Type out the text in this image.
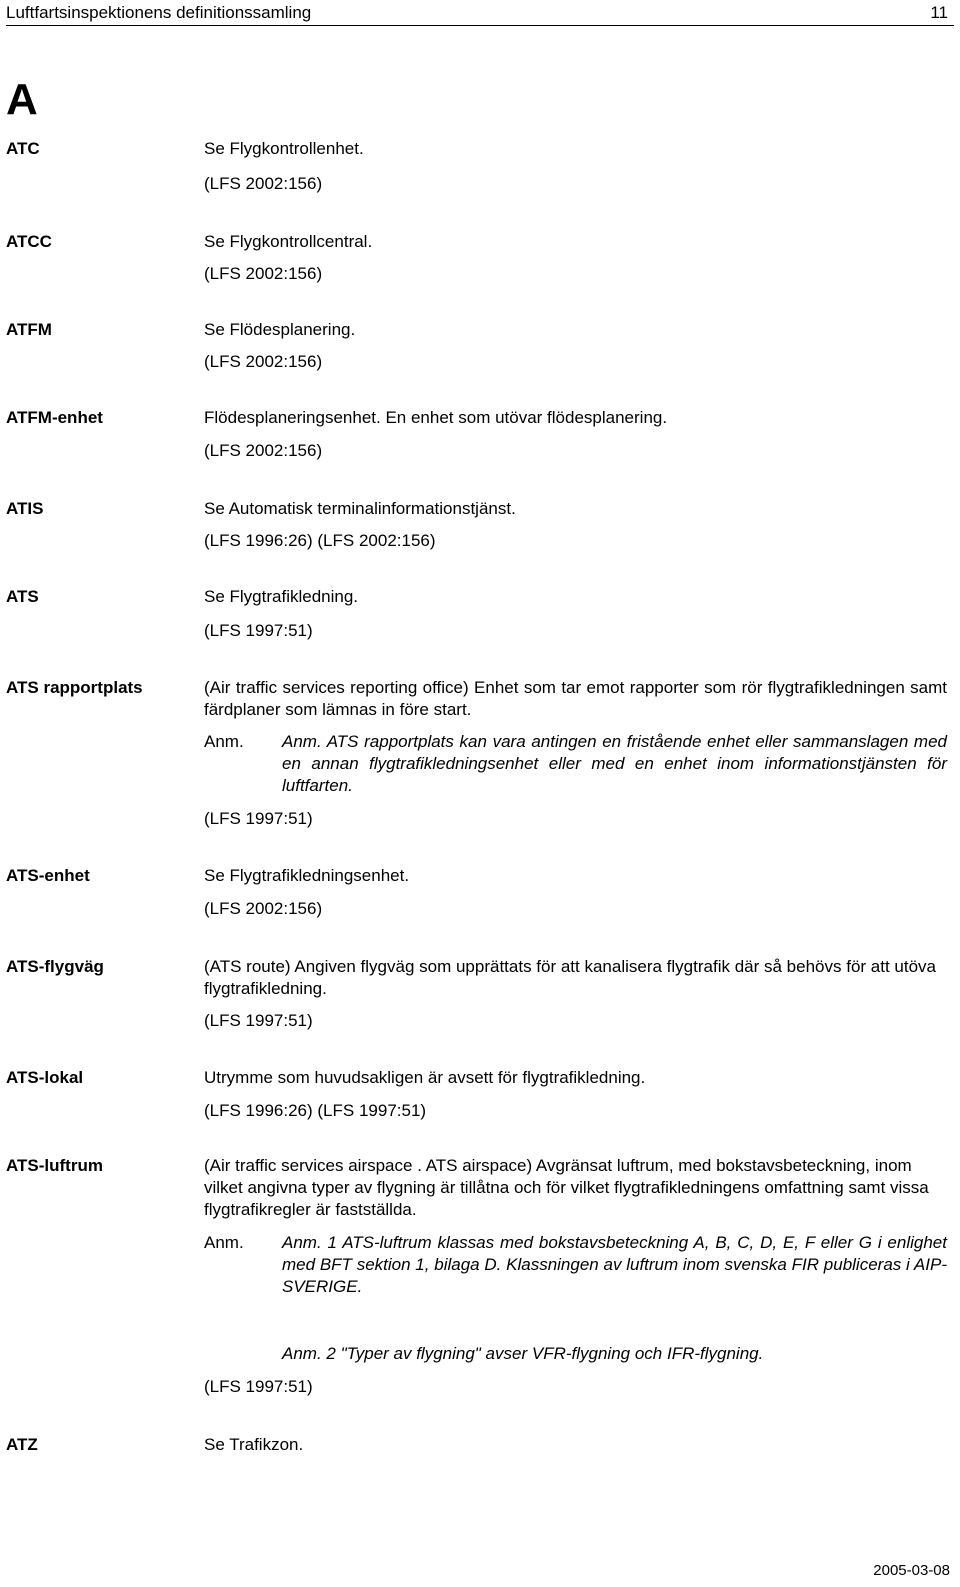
Luftfartsinspektionens definitionssamling	11
A
ATC	Se Flygkontrollenhet.
(LFS 2002:156)
ATCC	Se Flygkontrollcentral.
(LFS 2002:156)
ATFM	Se Flödesplanering.
(LFS 2002:156)
ATFM-enhet	Flödesplaneringsenhet. En enhet som utövar flödesplanering.
(LFS 2002:156)
ATIS	Se Automatisk terminalinformationstjänst.
(LFS 1996:26) (LFS 2002:156)
ATS	Se Flygtrafikledning.
(LFS 1997:51)
ATS rapportplats	(Air traffic services reporting office) Enhet som tar emot rapporter som rör flygtrafikledningen samt färdplaner som lämnas in före start.
Anm. Anm. ATS rapportplats kan vara antingen en fristående enhet eller sammanslagen med en annan flygtrafikledningsenhet eller med en enhet inom informationstjänsten för luftfarten.
(LFS 1997:51)
ATS-enhet	Se Flygtrafikledningsenhet.
(LFS 2002:156)
ATS-flygväg	(ATS route) Angiven flygväg som upprättats för att kanalisera flygtrafik där så behövs för att utöva flygtrafikledning.
(LFS 1997:51)
ATS-lokal	Utrymme som huvudsakligen är avsett för flygtrafikledning.
(LFS 1996:26) (LFS 1997:51)
ATS-luftrum	(Air traffic services airspace . ATS airspace) Avgränsat luftrum, med bokstavsbeteckning, inom vilket angivna typer av flygning är tillåtna och för vilket flygtrafikledningens omfattning samt vissa flygtrafikregler är fastställda.
Anm. Anm. 1 ATS-luftrum klassas med bokstavsbeteckning A, B, C, D, E, F eller G i enlighet med BFT sektion 1, bilaga D. Klassningen av luftrum inom svenska FIR publiceras i AIP-SVERIGE.
Anm. 2 "Typer av flygning" avser VFR-flygning och IFR-flygning.
(LFS 1997:51)
ATZ	Se Trafikzon.
2005-03-08
